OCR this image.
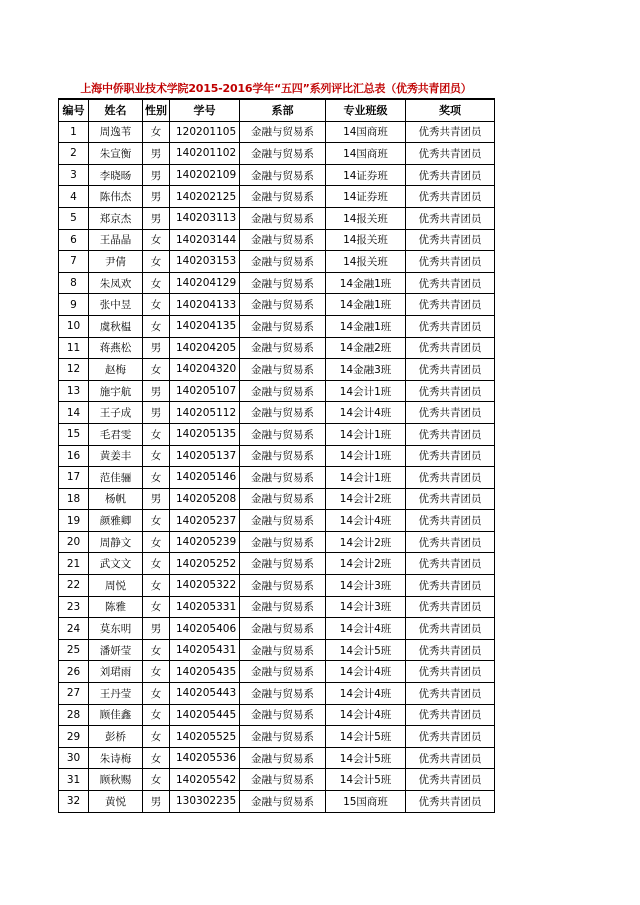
上海中侨职业技术学院2015-2016学年“五四”系列评比汇总表（优秀共青团员）
编号	姓名	性别	学号	系部	专业班级	奖项
1	周逸苇	女	120201105	金融与贸易系	14国商班	优秀共青团员
2	朱宣衡	男	140201102	金融与贸易系	14国商班	优秀共青团员
3	李晓旸	男	140202109	金融与贸易系	14证券班	优秀共青团员
4	陈伟杰	男	140202125	金融与贸易系	14证券班	优秀共青团员
5	郑京杰	男	140203113	金融与贸易系	14报关班	优秀共青团员
6	王晶晶	女	140203144	金融与贸易系	14报关班	优秀共青团员
7	尹倩	女	140203153	金融与贸易系	14报关班	优秀共青团员
8	朱凤欢	女	140204129	金融与贸易系	14金融1班	优秀共青团员
9	张中昱	女	140204133	金融与贸易系	14金融1班	优秀共青团员
10	虞秋榅	女	140204135	金融与贸易系	14金融1班	优秀共青团员
11	蒋燕松	男	140204205	金融与贸易系	14金融2班	优秀共青团员
12	赵梅	女	140204320	金融与贸易系	14金融3班	优秀共青团员
13	施宇航	男	140205107	金融与贸易系	14会计1班	优秀共青团员
14	王子成	男	140205112	金融与贸易系	14会计4班	优秀共青团员
15	毛君雯	女	140205135	金融与贸易系	14会计1班	优秀共青团员
16	黄姜丰	女	140205137	金融与贸易系	14会计1班	优秀共青团员
17	范佳骊	女	140205146	金融与贸易系	14会计1班	优秀共青团员
18	杨帆	男	140205208	金融与贸易系	14会计2班	优秀共青团员
19	颜雅卿	女	140205237	金融与贸易系	14会计4班	优秀共青团员
20	周静文	女	140205239	金融与贸易系	14会计2班	优秀共青团员
21	武文文	女	140205252	金融与贸易系	14会计2班	优秀共青团员
22	周悦	女	140205322	金融与贸易系	14会计3班	优秀共青团员
23	陈雅	女	140205331	金融与贸易系	14会计3班	优秀共青团员
24	莫东明	男	140205406	金融与贸易系	14会计4班	优秀共青团员
25	潘妍莹	女	140205431	金融与贸易系	14会计5班	优秀共青团员
26	刘珺雨	女	140205435	金融与贸易系	14会计4班	优秀共青团员
27	王丹莹	女	140205443	金融与贸易系	14会计4班	优秀共青团员
28	顾佳鑫	女	140205445	金融与贸易系	14会计4班	优秀共青团员
29	彭桥	女	140205525	金融与贸易系	14会计5班	优秀共青团员
30	朱诗梅	女	140205536	金融与贸易系	14会计5班	优秀共青团员
31	顾秋赐	女	140205542	金融与贸易系	14会计5班	优秀共青团员
32	黄悦	男	130302235	金融与贸易系	15国商班	优秀共青团员
